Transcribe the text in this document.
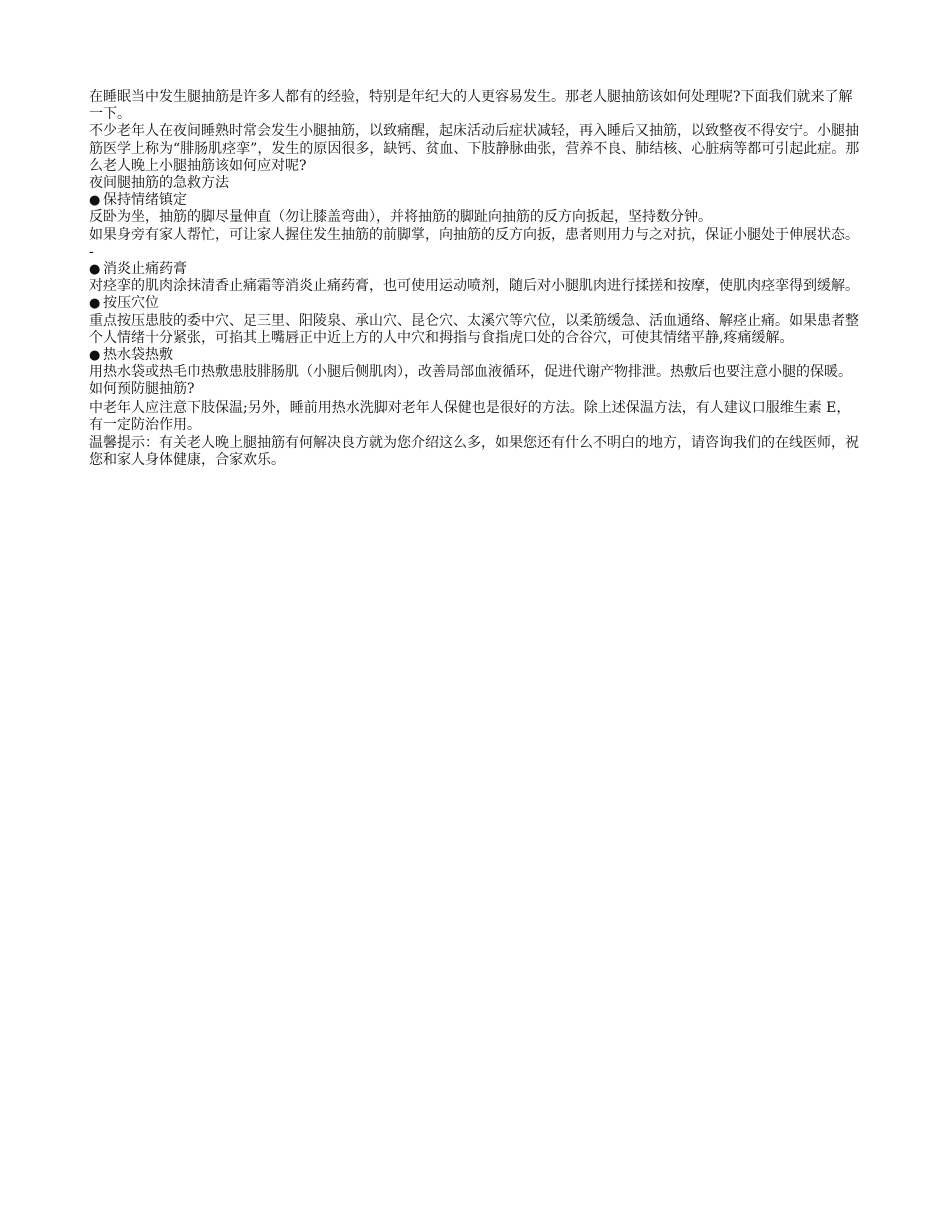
在睡眠当中发生腿抽筋是许多人都有的经验，特别是年纪大的人更容易发生。那老人腿抽筋该如何处理呢?下面我们就来了解一下。

不少老年人在夜间睡熟时常会发生小腿抽筋，以致痛醒，起床活动后症状减轻，再入睡后又抽筋，以致整夜不得安宁。小腿抽筋医学上称为“腓肠肌痉挛”，发生的原因很多，缺钙、贫血、下肢静脉曲张，营养不良、肺结核、心脏病等都可引起此症。那么老人晚上小腿抽筋该如何应对呢?

夜间腿抽筋的急救方法

● 保持情绪镇定

反卧为坐，抽筋的脚尽量伸直（勿让膝盖弯曲），并将抽筋的脚趾向抽筋的反方向扳起，坚持数分钟。

如果身旁有家人帮忙，可让家人握住发生抽筋的前脚掌，向抽筋的反方向扳，患者则用力与之对抗，保证小腿处于伸展状态。 -

● 消炎止痛药膏

对痉挛的肌肉涂抹清香止痛霜等消炎止痛药膏，也可使用运动喷剂，随后对小腿肌肉进行揉搓和按摩，使肌肉痉挛得到缓解。

● 按压穴位

重点按压患肢的委中穴、足三里、阳陵泉、承山穴、昆仑穴、太溪穴等穴位，以柔筋缓急、活血通络、解痉止痛。如果患者整个人情绪十分紧张，可掐其上嘴唇正中近上方的人中穴和拇指与食指虎口处的合谷穴，可使其情绪平静,疼痛缓解。

● 热水袋热敷

用热水袋或热毛巾热敷患肢腓肠肌（小腿后侧肌肉），改善局部血液循环，促进代谢产物排泄。热敷后也要注意小腿的保暖。

如何预防腿抽筋?

中老年人应注意下肢保温;另外，睡前用热水洗脚对老年人保健也是很好的方法。除上述保温方法，有人建议口服维生素 E，有一定防治作用。

温馨提示：有关老人晚上腿抽筋有何解决良方就为您介绍这么多，如果您还有什么不明白的地方，请咨询我们的在线医师，祝您和家人身体健康，合家欢乐。
